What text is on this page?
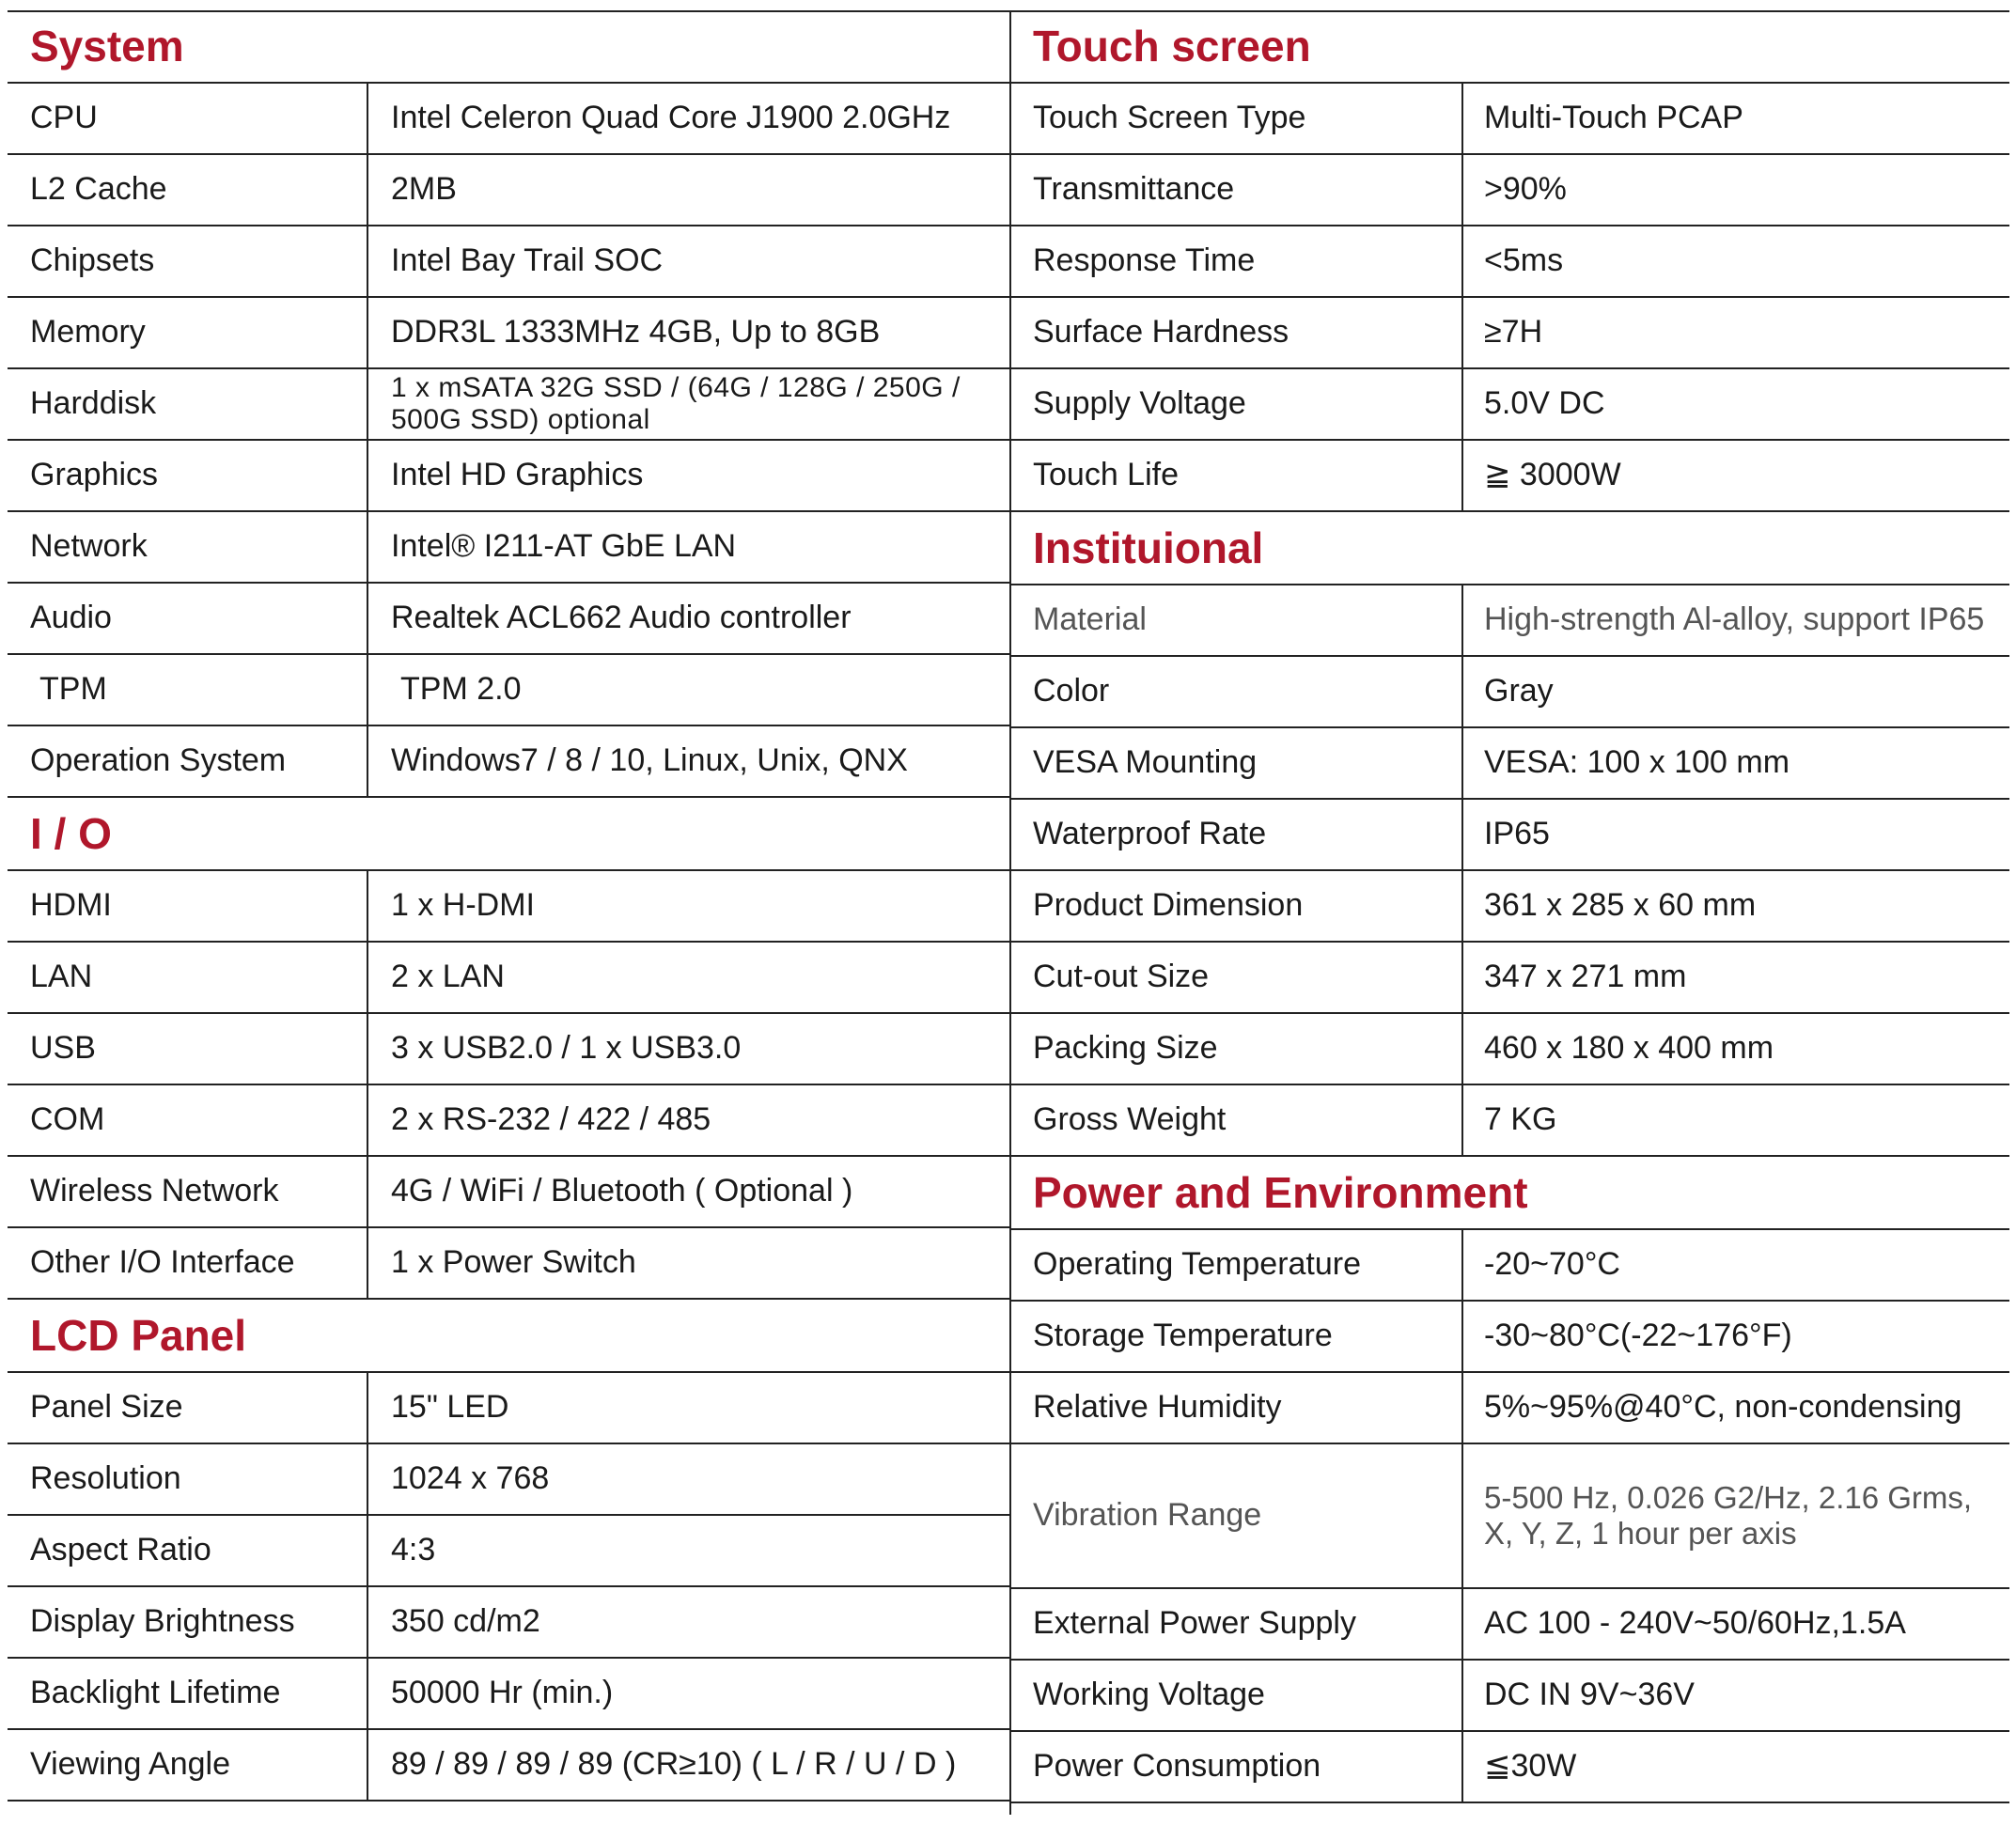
System
CPU	Intel Celeron Quad Core J1900 2.0GHz
L2 Cache	2MB
Chipsets	Intel Bay Trail SOC
Memory	DDR3L 1333MHz 4GB, Up to 8GB
Harddisk	1 x mSATA 32G SSD / (64G / 128G / 250G / 500G SSD) optional
Graphics	Intel HD Graphics
Network	Intel® I211-AT GbE LAN
Audio	Realtek ACL662 Audio controller
TPM	TPM 2.0
Operation System	Windows7 / 8 / 10, Linux, Unix, QNX
I / O
HDMI	1 x H-DMI
LAN	2 x LAN
USB	3 x USB2.0 / 1 x USB3.0
COM	2 x RS-232 / 422 / 485
Wireless Network	4G / WiFi / Bluetooth ( Optional )
Other I/O Interface	1 x Power Switch
LCD Panel
Panel Size	15" LED
Resolution	1024 x 768
Aspect Ratio	4:3
Display Brightness	350 cd/m2
Backlight Lifetime	50000 Hr (min.)
Viewing Angle	89 / 89 / 89 / 89 (CR≥10) ( L / R / U / D )
Touch screen
Touch Screen Type	Multi-Touch PCAP
Transmittance	>90%
Response Time	<5ms
Surface Hardness	≥7H
Supply Voltage	5.0V DC
Touch Life	≧ 3000W
Instituional
Material	High-strength Al-alloy, support IP65
Color	Gray
VESA Mounting	VESA: 100 x 100 mm
Waterproof Rate	IP65
Product Dimension	361 x 285 x 60 mm
Cut-out Size	347 x 271 mm
Packing Size	460 x 180 x 400 mm
Gross Weight	7 KG
Power and Environment
Operating Temperature	-20~70°C
Storage Temperature	-30~80°C(-22~176°F)
Relative Humidity	5%~95%@40°C, non-condensing
Vibration Range	5-500 Hz, 0.026 G2/Hz, 2.16 Grms, X, Y, Z, 1 hour per axis
External Power Supply	AC 100 - 240V~50/60Hz,1.5A
Working Voltage	DC IN 9V~36V
Power Consumption	≦30W
